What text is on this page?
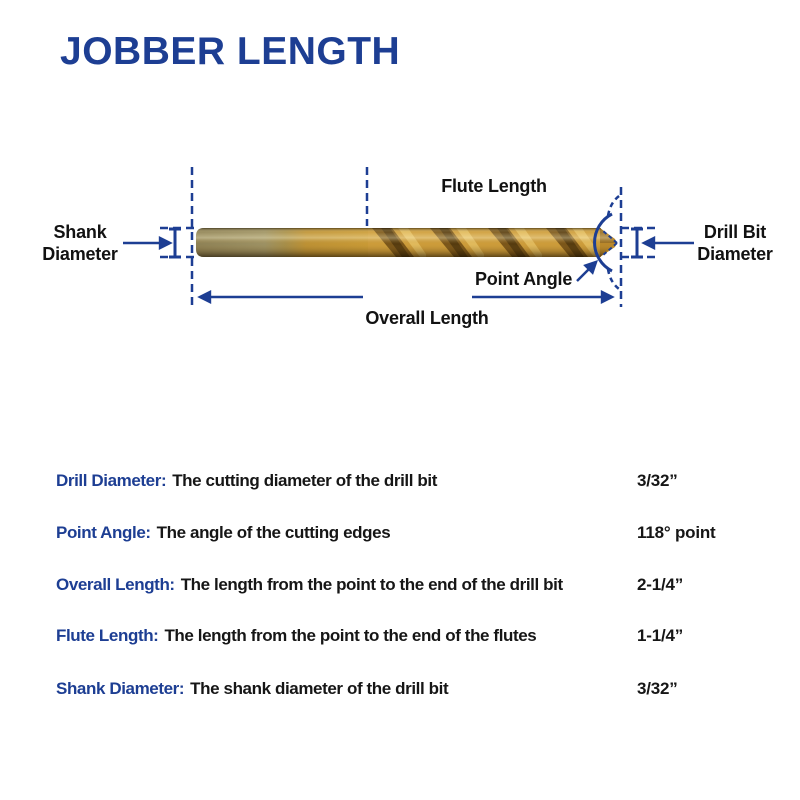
JOBBER LENGTH
Flute Length
Shank
Diameter
Drill Bit
Diameter
Point Angle
Overall Length
Drill Diameter: The cutting diameter of the drill bit	3/32”
Point Angle: The angle of the cutting edges	118° point
Overall Length: The length from the point to the end of the drill bit	2-1/4”
Flute Length: The length from the point to the end of the flutes	1-1/4”
Shank Diameter: The shank diameter of the drill bit	3/32”
